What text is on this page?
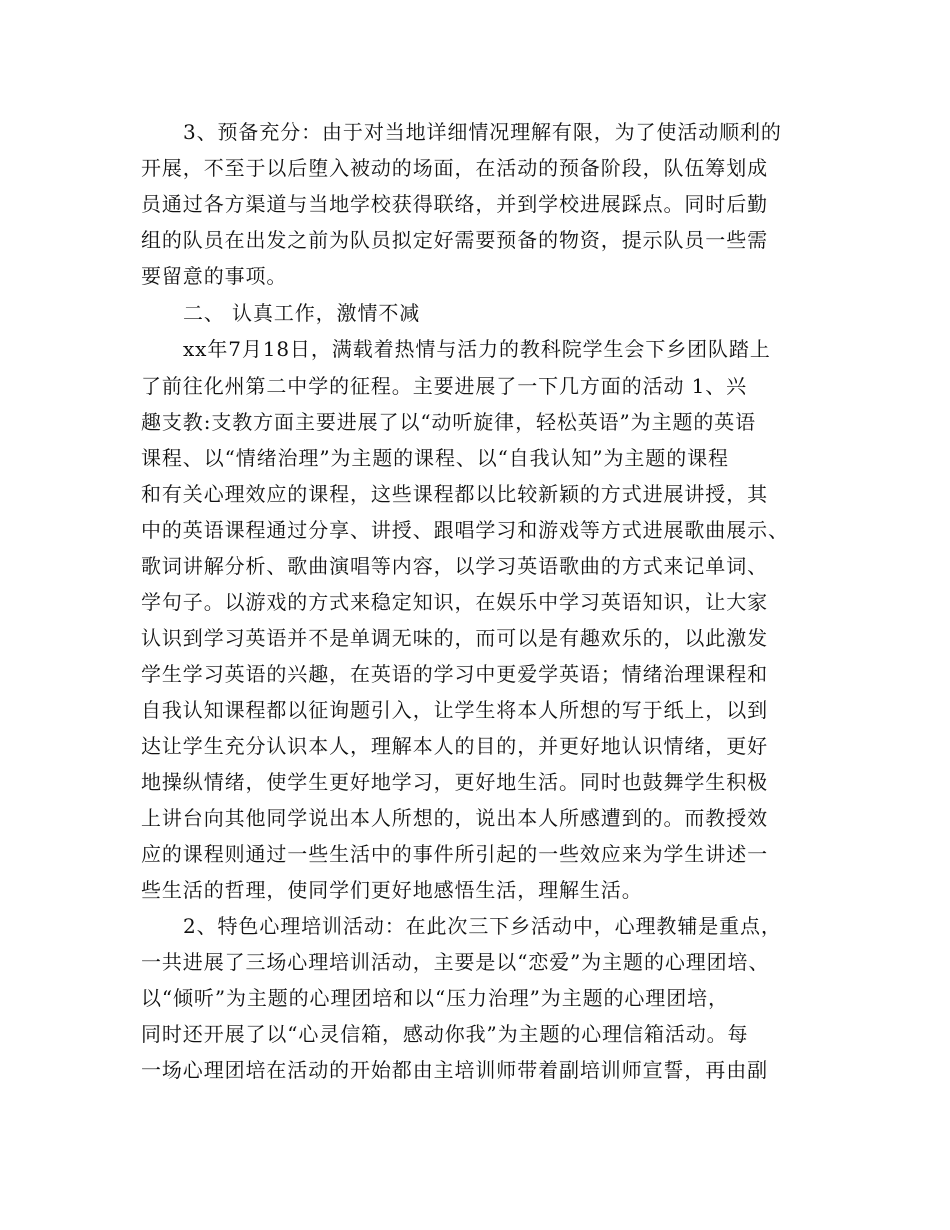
3、预备充分：由于对当地详细情况理解有限，为了使活动顺利的
开展，不至于以后堕入被动的场面，在活动的预备阶段，队伍筹划成
员通过各方渠道与当地学校获得联络，并到学校进展踩点。同时后勤
组的队员在出发之前为队员拟定好需要预备的物资，提示队员一些需
要留意的事项。
二、 认真工作，激情不减
xx年7月18日，满载着热情与活力的教科院学生会下乡团队踏上
了前往化州第二中学的征程。主要进展了一下几方面的活动 1、兴
趣支教:支教方面主要进展了以“动听旋律，轻松英语”为主题的英语
课程、以“情绪治理”为主题的课程、以“自我认知”为主题的课程
和有关心理效应的课程，这些课程都以比较新颖的方式进展讲授，其
中的英语课程通过分享、讲授、跟唱学习和游戏等方式进展歌曲展示、
歌词讲解分析、歌曲演唱等内容，以学习英语歌曲的方式来记单词、
学句子。以游戏的方式来稳定知识，在娱乐中学习英语知识，让大家
认识到学习英语并不是单调无味的，而可以是有趣欢乐的，以此激发
学生学习英语的兴趣，在英语的学习中更爱学英语；情绪治理课程和
自我认知课程都以征询题引入，让学生将本人所想的写于纸上，以到
达让学生充分认识本人，理解本人的目的，并更好地认识情绪，更好
地操纵情绪，使学生更好地学习，更好地生活。同时也鼓舞学生积极
上讲台向其他同学说出本人所想的，说出本人所感遭到的。而教授效
应的课程则通过一些生活中的事件所引起的一些效应来为学生讲述一
些生活的哲理，使同学们更好地感悟生活，理解生活。
2、特色心理培训活动：在此次三下乡活动中，心理教辅是重点，
一共进展了三场心理培训活动，主要是以“恋爱”为主题的心理团培、
以“倾听”为主题的心理团培和以“压力治理”为主题的心理团培，
同时还开展了以“心灵信箱，感动你我”为主题的心理信箱活动。每
一场心理团培在活动的开始都由主培训师带着副培训师宣誓，再由副
